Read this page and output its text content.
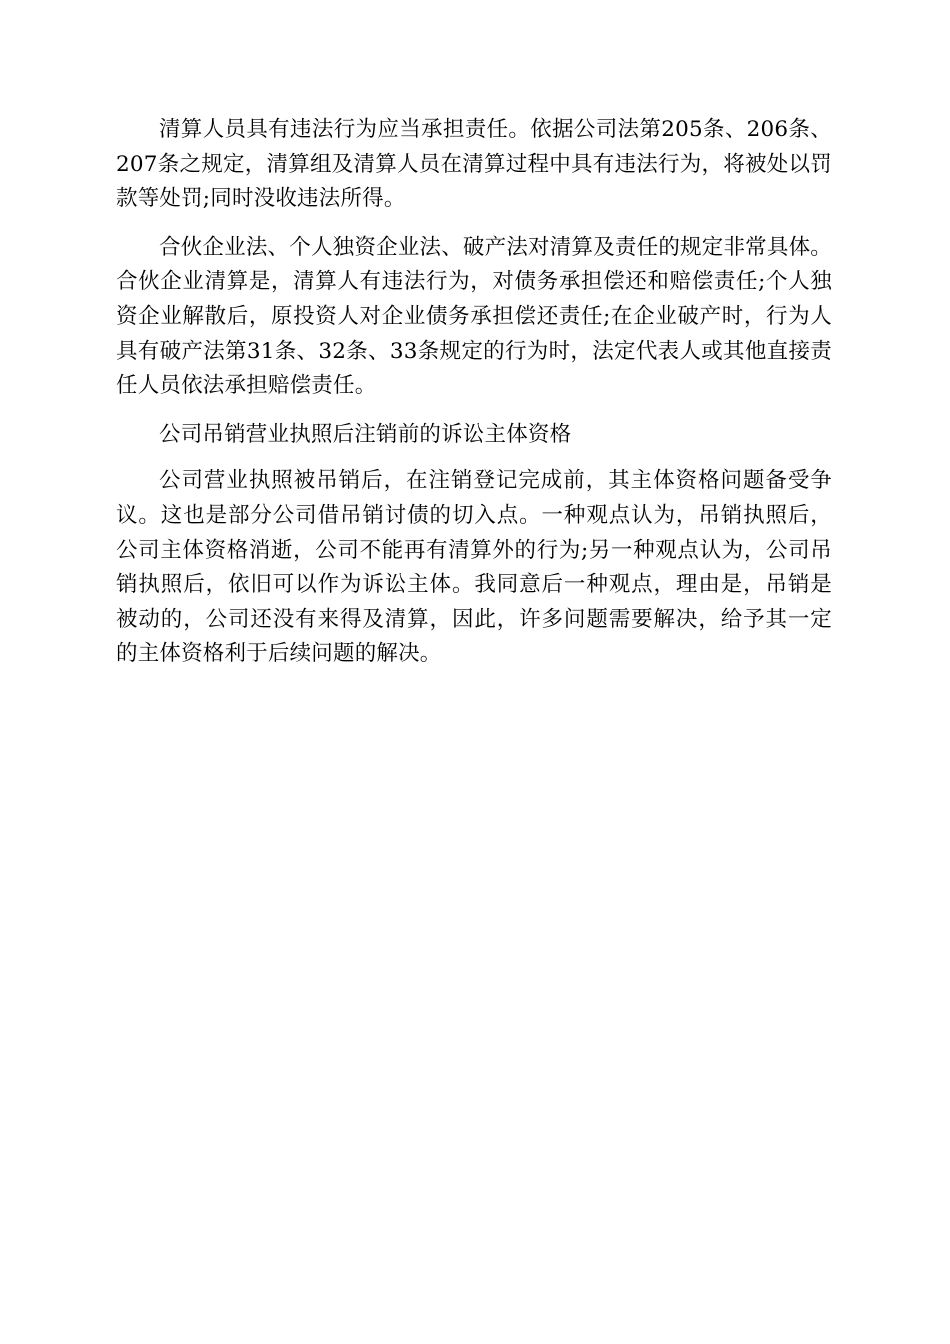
清算人员具有违法行为应当承担责任。依据公司法第205条、206条、207条之规定，清算组及清算人员在清算过程中具有违法行为，将被处以罚款等处罚;同时没收违法所得。

合伙企业法、个人独资企业法、破产法对清算及责任的规定非常具体。合伙企业清算是，清算人有违法行为，对债务承担偿还和赔偿责任;个人独资企业解散后，原投资人对企业债务承担偿还责任;在企业破产时，行为人具有破产法第31条、32条、33条规定的行为时，法定代表人或其他直接责任人员依法承担赔偿责任。

公司吊销营业执照后注销前的诉讼主体资格

公司营业执照被吊销后，在注销登记完成前，其主体资格问题备受争议。这也是部分公司借吊销讨债的切入点。一种观点认为，吊销执照后，公司主体资格消逝，公司不能再有清算外的行为;另一种观点认为，公司吊销执照后，依旧可以作为诉讼主体。我同意后一种观点，理由是，吊销是被动的，公司还没有来得及清算，因此，许多问题需要解决，给予其一定的主体资格利于后续问题的解决。
